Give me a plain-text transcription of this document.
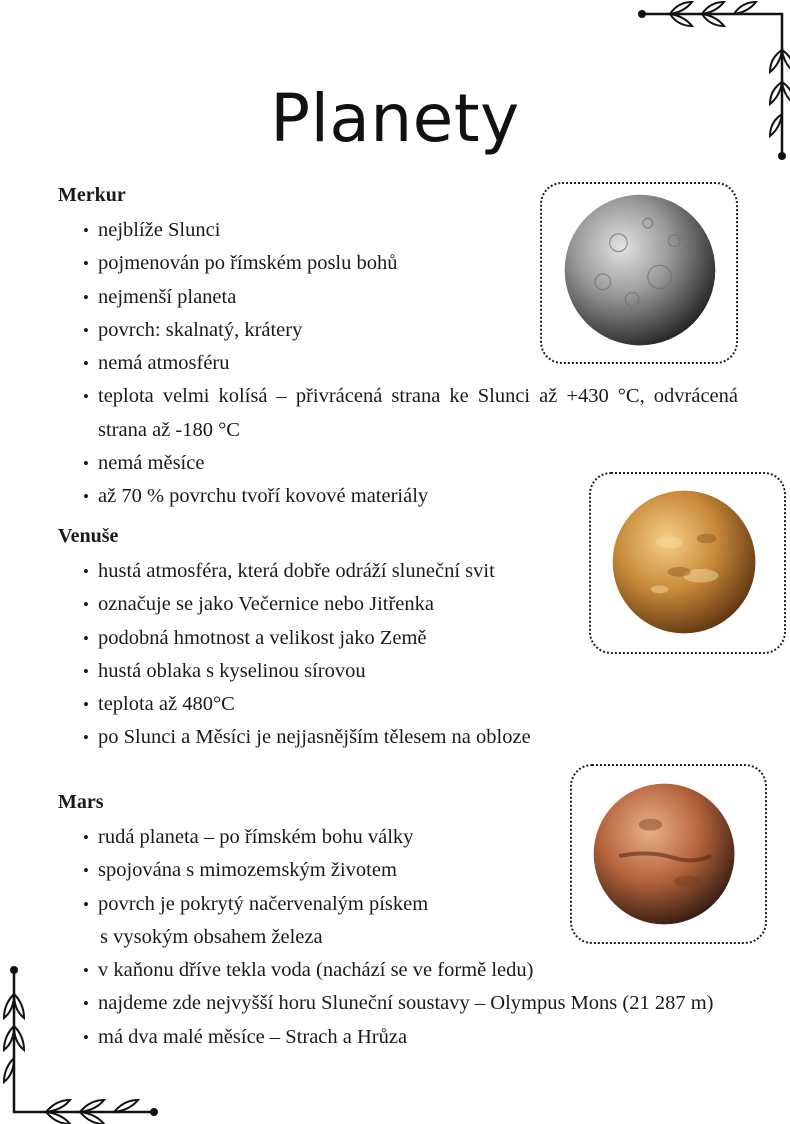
Planety
Merkur
• nejblíže Slunci
• pojmenován po římském poslu bohů
• nejmenší planeta
• povrch: skalnatý, krátery
• nemá atmosféru
• teplota velmi kolísá – přivrácená strana ke Slunci až +430 °C, odvrácená strana až -180 °C
• nemá měsíce
• až 70 % povrchu tvoří kovové materiály
Venuše
• hustá atmosféra, která dobře odráží sluneční svit
• označuje se jako Večernice nebo Jitřenka
• podobná hmotnost a velikost jako Země
• hustá oblaka s kyselinou sírovou
• teplota až 480°C
• po Slunci a Měsíci je nejjasnějším tělesem na obloze
Mars
• rudá planeta – po římském bohu války
• spojována s mimozemským životem
• povrch je pokrytý načervenalým pískem
s vysokým obsahem železa
• v kaňonu dříve tekla voda (nachází se ve formě ledu)
• najdeme zde nejvyšší horu Sluneční soustavy – Olympus Mons (21 287 m)
• má dva malé měsíce – Strach a Hrůza
